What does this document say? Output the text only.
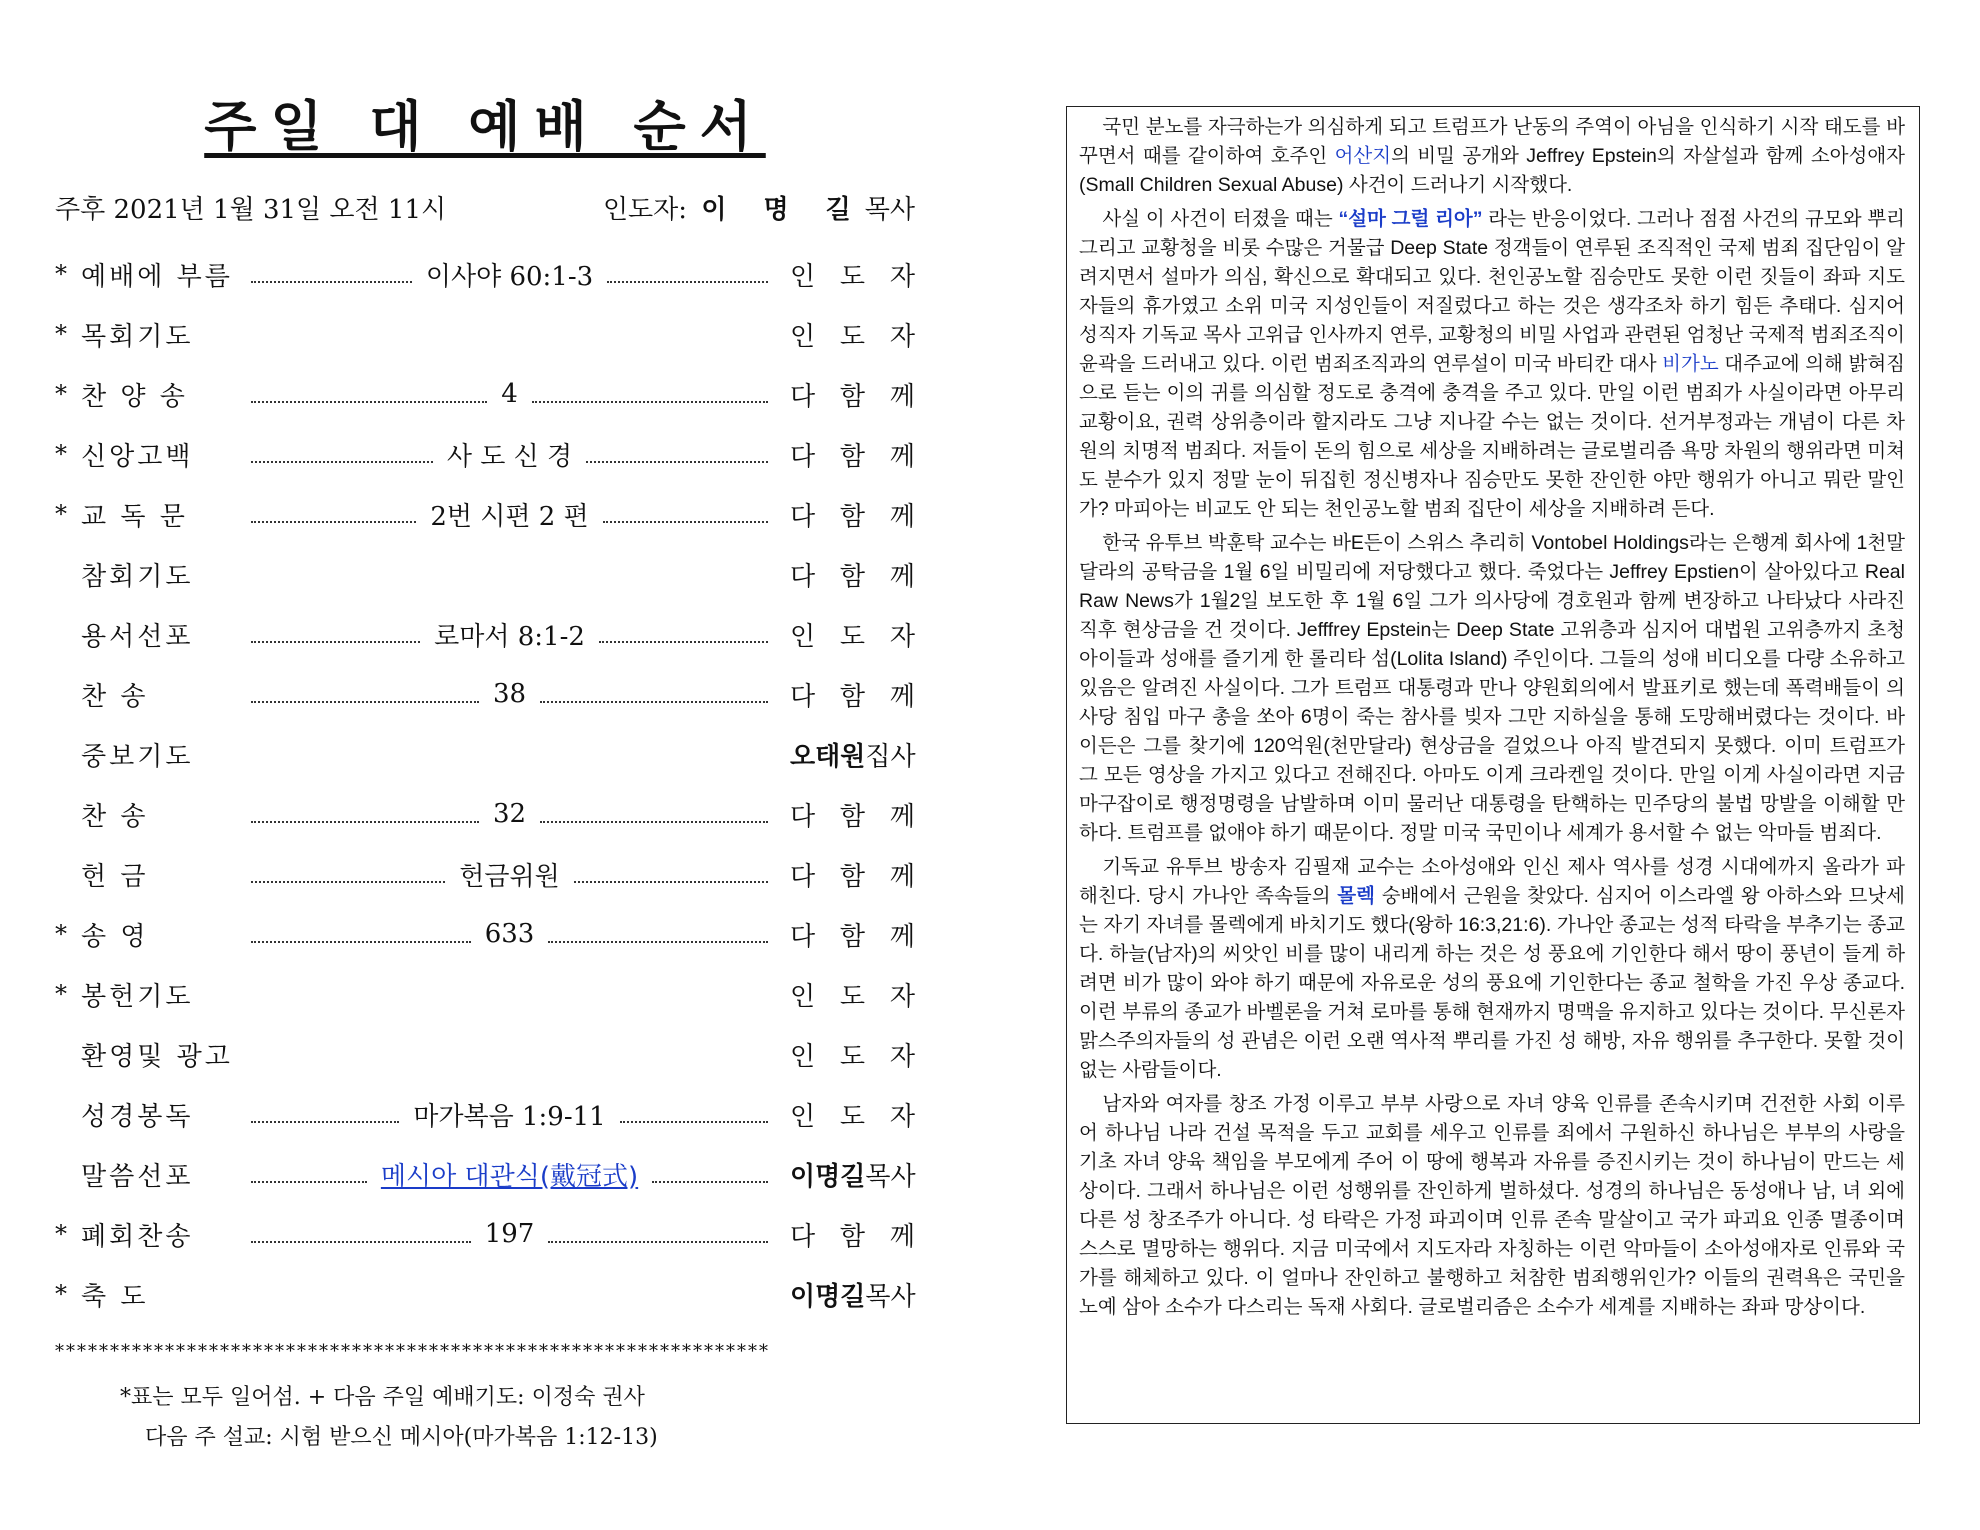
주일 대 예배 순서
주후 2021년 1월 31일 오전 11시	인도자: 이 명 길목사
* 예배에 부름	이사야 60:1-3	인 도 자
* 목회기도	인 도 자
* 찬 양 송	4	다 함 께
* 신앙고백	사 도 신 경	다 함 께
* 교 독 문	2번 시편 2 편	다 함 께
참회기도	다 함 께
용서선포	로마서 8:1-2	인 도 자
찬 송	38	다 함 께
중보기도	오태원집사
찬 송	32	다 함 께
헌 금	헌금위원	다 함 께
* 송 영	633	다 함 께
* 봉헌기도	인 도 자
환영및 광고	인 도 자
성경봉독	마가복음 1:9-11	인 도 자
말씀선포	메시아 대관식(戴冠式)	이명길목사
* 폐회찬송	197	다 함 께
* 축 도	이명길목사
*****************************************************************
*표는 모두 일어섬. + 다음 주일 예배기도: 이정숙 권사
다음 주 설교: 시험 받으신 메시아(마가복음 1:12-13)

국민 분노를 자극하는가 의심하게 되고 트럼프가 난동의 주역이 아님을 인식하기 시작 태도를 바꾸면서 때를 같이하여 호주인 어산지의 비밀 공개와 Jeffrey Epstein의 자살설과 함께 소아성애자(Small Children Sexual Abuse) 사건이 드러나기 시작했다.

사실 이 사건이 터졌을 때는 “설마 그럴 리아” 라는 반응이었다. 그러나 점점 사건의 규모와 뿌리 그리고 교황청을 비롯 수많은 거물급 Deep State 정객들이 연루된 조직적인 국제 범죄 집단임이 알려지면서 설마가 의심, 확신으로 확대되고 있다. 천인공노할 짐승만도 못한 이런 짓들이 좌파 지도자들의 휴가였고 소위 미국 지성인들이 저질렀다고 하는 것은 생각조차 하기 힘든 추태다. 심지어 성직자 기독교 목사 고위급 인사까지 연루, 교황청의 비밀 사업과 관련된 엄청난 국제적 범죄조직이 윤곽을 드러내고 있다. 이런 범죄조직과의 연루설이 미국 바티칸 대사 비가노 대주교에 의해 밝혀짐으로 듣는 이의 귀를 의심할 정도로 충격에 충격을 주고 있다. 만일 이런 범죄가 사실이라면 아무리 교황이요, 권력 상위층이라 할지라도 그냥 지나갈 수는 없는 것이다. 선거부정과는 개념이 다른 차원의 치명적 범죄다. 저들이 돈의 힘으로 세상을 지배하려는 글로벌리즘 욕망 차원의 행위라면 미쳐도 분수가 있지 정말 눈이 뒤집힌 정신병자나 짐승만도 못한 잔인한 야만 행위가 아니고 뭐란 말인가? 마피아는 비교도 안 되는 천인공노할 범죄 집단이 세상을 지배하려 든다.

한국 유투브 박훈탁 교수는 바E든이 스위스 추리히 Vontobel Holdings라는 은행계 회사에 1천말 달라의 공탁금을 1월 6일 비밀리에 저당했다고 했다. 죽었다는 Jeffrey Epstien이 살아있다고 Real Raw News가 1월2일 보도한 후 1월 6일 그가 의사당에 경호원과 함께 변장하고 나타났다 사라진 직후 현상금을 건 것이다. Jefffrey Epstein는 Deep State 고위층과 심지어 대법원 고위층까지 초청 아이들과 성애를 즐기게 한 롤리타 섬(Lolita Island) 주인이다. 그들의 성애 비디오를 다량 소유하고 있음은 알려진 사실이다. 그가 트럼프 대통령과 만나 양원회의에서 발표키로 했는데 폭력배들이 의사당 침입 마구 총을 쏘아 6명이 죽는 참사를 빚자 그만 지하실을 통해 도망해버렸다는 것이다. 바이든은 그를 찾기에 120억원(천만달라) 현상금을 걸었으나 아직 발견되지 못했다. 이미 트럼프가 그 모든 영상을 가지고 있다고 전해진다. 아마도 이게 크라켄일 것이다. 만일 이게 사실이라면 지금 마구잡이로 행정명령을 남발하며 이미 물러난 대통령을 탄핵하는 민주당의 불법 망발을 이해할 만하다. 트럼프를 없애야 하기 때문이다. 정말 미국 국민이나 세계가 용서할 수 없는 악마들 범죄다.

기독교 유투브 방송자 김필재 교수는 소아성애와 인신 제사 역사를 성경 시대에까지 올라가 파 해친다. 당시 가나안 족속들의 몰렉 숭배에서 근원을 찾았다. 심지어 이스라엘 왕 아하스와 므낫세는 자기 자녀를 몰렉에게 바치기도 했다(왕하 16:3,21:6). 가나안 종교는 성적 타락을 부추기는 종교다. 하늘(남자)의 씨앗인 비를 많이 내리게 하는 것은 성 풍요에 기인한다 해서 땅이 풍년이 들게 하려면 비가 많이 와야 하기 때문에 자유로운 성의 풍요에 기인한다는 종교 철학을 가진 우상 종교다. 이런 부류의 종교가 바벨론을 거쳐 로마를 통해 현재까지 명맥을 유지하고 있다는 것이다. 무신론자 맑스주의자들의 성 관념은 이런 오랜 역사적 뿌리를 가진 성 해방, 자유 행위를 추구한다. 못할 것이 없는 사람들이다.

남자와 여자를 창조 가정 이루고 부부 사랑으로 자녀 양육 인류를 존속시키며 건전한 사회 이루어 하나님 나라 건설 목적을 두고 교회를 세우고 인류를 죄에서 구원하신 하나님은 부부의 사랑을 기초 자녀 양육 책임을 부모에게 주어 이 땅에 행복과 자유를 증진시키는 것이 하나님이 만드는 세상이다. 그래서 하나님은 이런 성행위를 잔인하게 벌하셨다. 성경의 하나님은 동성애나 남, 녀 외에 다른 성 창조주가 아니다. 성 타락은 가정 파괴이며 인류 존속 말살이고 국가 파괴요 인종 멸종이며 스스로 멸망하는 행위다. 지금 미국에서 지도자라 자칭하는 이런 악마들이 소아성애자로 인류와 국가를 해체하고 있다. 이 얼마나 잔인하고 불행하고 처참한 범죄행위인가? 이들의 권력욕은 국민을 노예 삼아 소수가 다스리는 독재 사회다. 글로벌리즘은 소수가 세계를 지배하는 좌파 망상이다.
